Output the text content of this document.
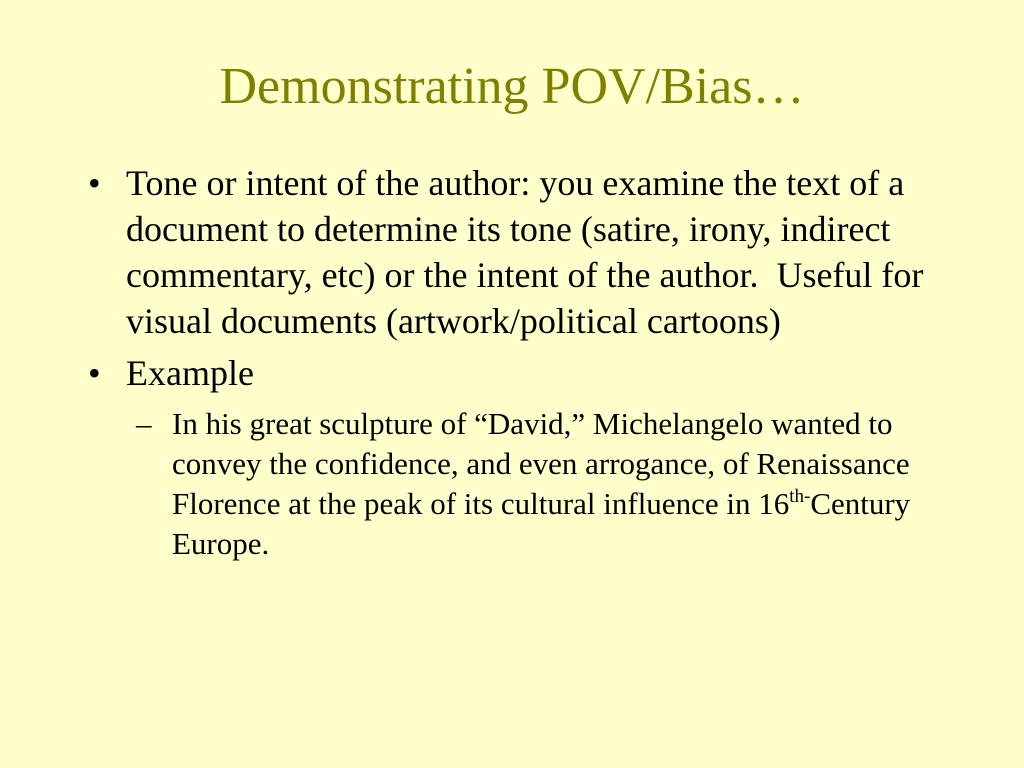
Demonstrating POV/Bias…
• Tone or intent of the author: you examine the text of a document to determine its tone (satire, irony, indirect commentary, etc) or the intent of the author.  Useful for visual documents (artwork/political cartoons)
• Example
– In his great sculpture of “David,” Michelangelo wanted to convey the confidence, and even arrogance, of Renaissance Florence at the peak of its cultural influence in $16^{th-}Century$ Europe.
